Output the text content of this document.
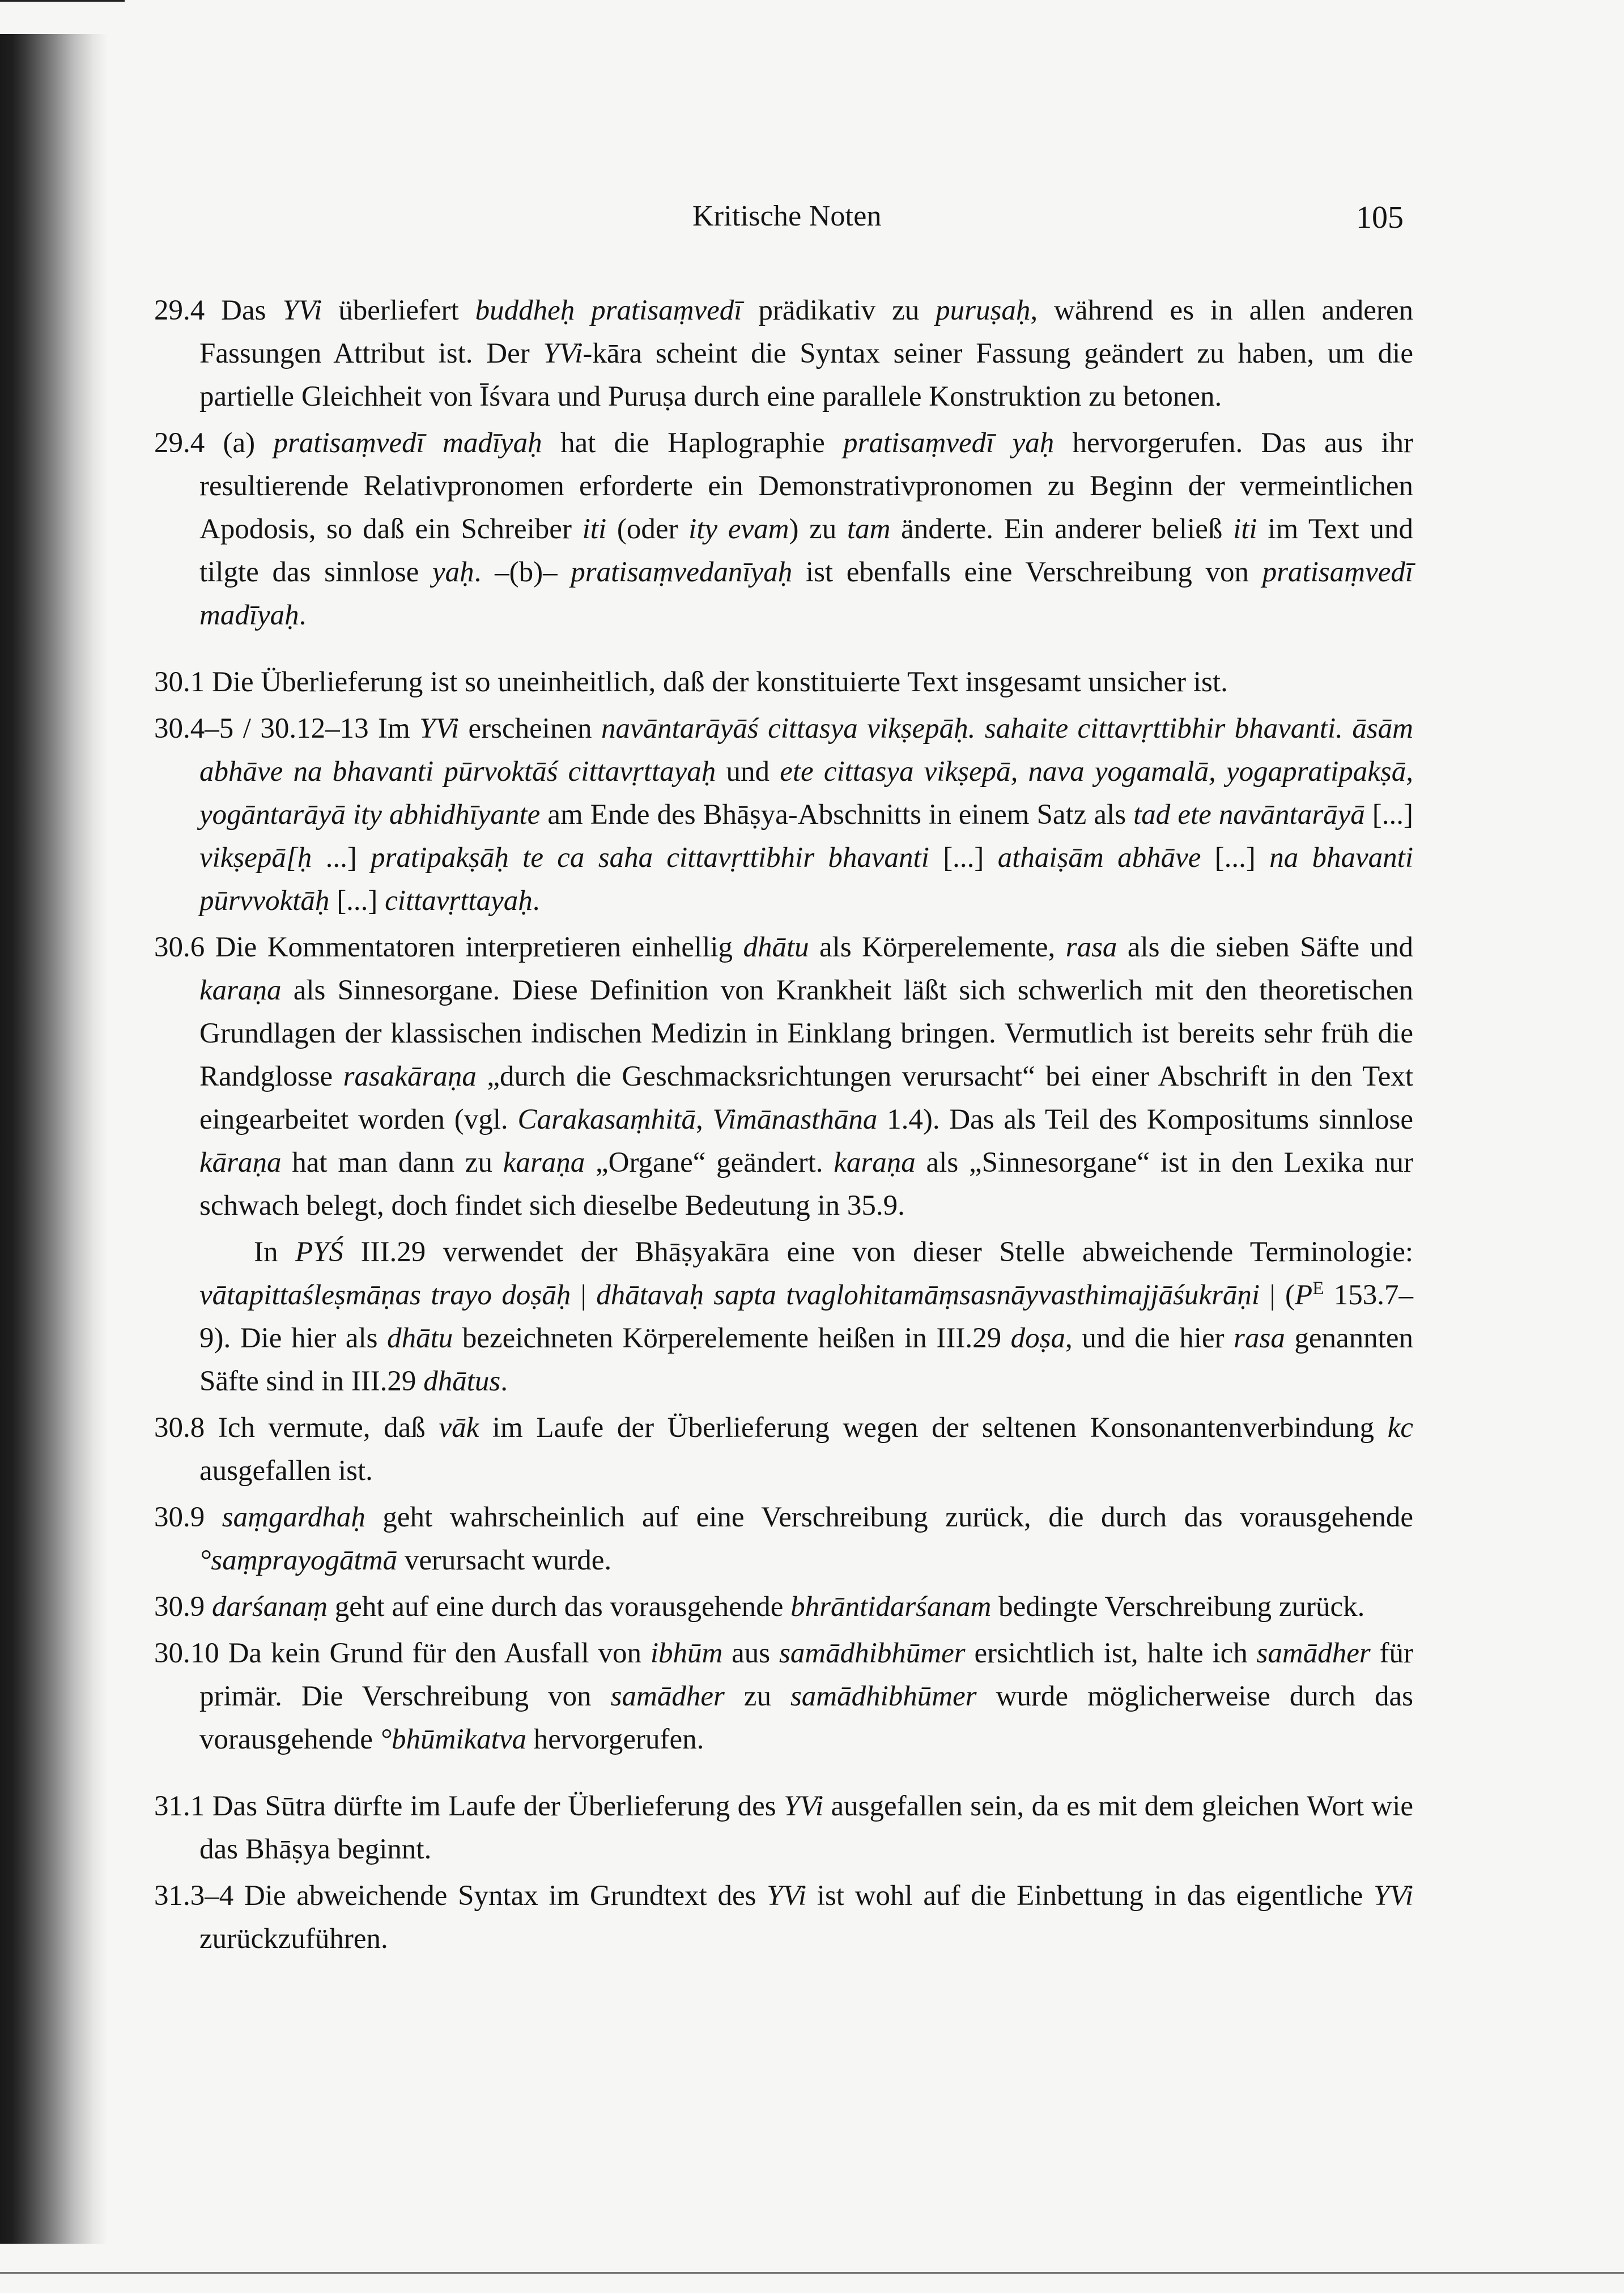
Kritische Noten	105

29.4 Das YVi überliefert buddheḥ pratisaṃvedī prädikativ zu puruṣaḥ, während es in allen anderen Fassungen Attribut ist. Der YVi-kāra scheint die Syntax seiner Fassung geändert zu haben, um die partielle Gleichheit von Īśvara und Puruṣa durch eine parallele Konstruktion zu betonen.

29.4 (a) pratisaṃvedī madīyaḥ hat die Haplographie pratisaṃvedī yaḥ hervorgerufen. Das aus ihr resultierende Relativpronomen erforderte ein Demonstrativpronomen zu Beginn der vermeintlichen Apodosis, so daß ein Schreiber iti (oder ity evam) zu tam änderte. Ein anderer beließ iti im Text und tilgte das sinnlose yaḥ. –(b)– pratisaṃvedanīyaḥ ist ebenfalls eine Verschreibung von pratisaṃvedī madīyaḥ.

30.1 Die Überlieferung ist so uneinheitlich, daß der konstituierte Text insgesamt unsicher ist.

30.4–5 / 30.12–13 Im YVi erscheinen navāntarāyāś cittasya vikṣepāḥ. sahaite cittavṛttibhir bhavanti. āsām abhāve na bhavanti pūrvoktāś cittavṛttayaḥ und ete cittasya vikṣepā, nava yogamalā, yogapratipakṣā, yogāntarāyā ity abhidhīyante am Ende des Bhāṣya-Abschnitts in einem Satz als tad ete navāntarāyā [...] vikṣepā[ḥ ...] pratipakṣāḥ te ca saha cittavṛttibhir bhavanti [...] athaiṣām abhāve [...] na bhavanti pūrvvoktāḥ [...] cittavṛttayaḥ.

30.6 Die Kommentatoren interpretieren einhellig dhātu als Körperelemente, rasa als die sieben Säfte und karaṇa als Sinnesorgane. Diese Definition von Krankheit läßt sich schwerlich mit den theoretischen Grundlagen der klassischen indischen Medizin in Einklang bringen. Vermutlich ist bereits sehr früh die Randglosse rasakāraṇa „durch die Geschmacksrichtungen verursacht“ bei einer Abschrift in den Text eingearbeitet worden (vgl. Carakasaṃhitā, Vimānasthāna 1.4). Das als Teil des Kompositums sinnlose kāraṇa hat man dann zu karaṇa „Organe“ geändert. karaṇa als „Sinnesorgane“ ist in den Lexika nur schwach belegt, doch findet sich dieselbe Bedeutung in 35.9.

In PYŚ III.29 verwendet der Bhāṣyakāra eine von dieser Stelle abweichende Terminologie: vātapittaśleṣmāṇas trayo doṣāḥ | dhātavaḥ sapta tvaglohitamāṃsasnāyvasthimajjāśukrāṇi | ($P^E$ 153.7–9). Die hier als dhātu bezeichneten Körperelemente heißen in III.29 doṣa, und die hier rasa genannten Säfte sind in III.29 dhātus.

30.8 Ich vermute, daß vāk im Laufe der Überlieferung wegen der seltenen Konsonantenverbindung kc ausgefallen ist.

30.9 saṃgardhaḥ geht wahrscheinlich auf eine Verschreibung zurück, die durch das vorausgehende °saṃprayogātmā verursacht wurde.

30.9 darśanaṃ geht auf eine durch das vorausgehende bhrāntidarśanam bedingte Verschreibung zurück.

30.10 Da kein Grund für den Ausfall von ibhūm aus samādhibhūmer ersichtlich ist, halte ich samādher für primär. Die Verschreibung von samādher zu samādhibhūmer wurde möglicherweise durch das vorausgehende °bhūmikatva hervorgerufen.

31.1 Das Sūtra dürfte im Laufe der Überlieferung des YVi ausgefallen sein, da es mit dem gleichen Wort wie das Bhāṣya beginnt.

31.3–4 Die abweichende Syntax im Grundtext des YVi ist wohl auf die Einbettung in das eigentliche YVi zurückzuführen.
